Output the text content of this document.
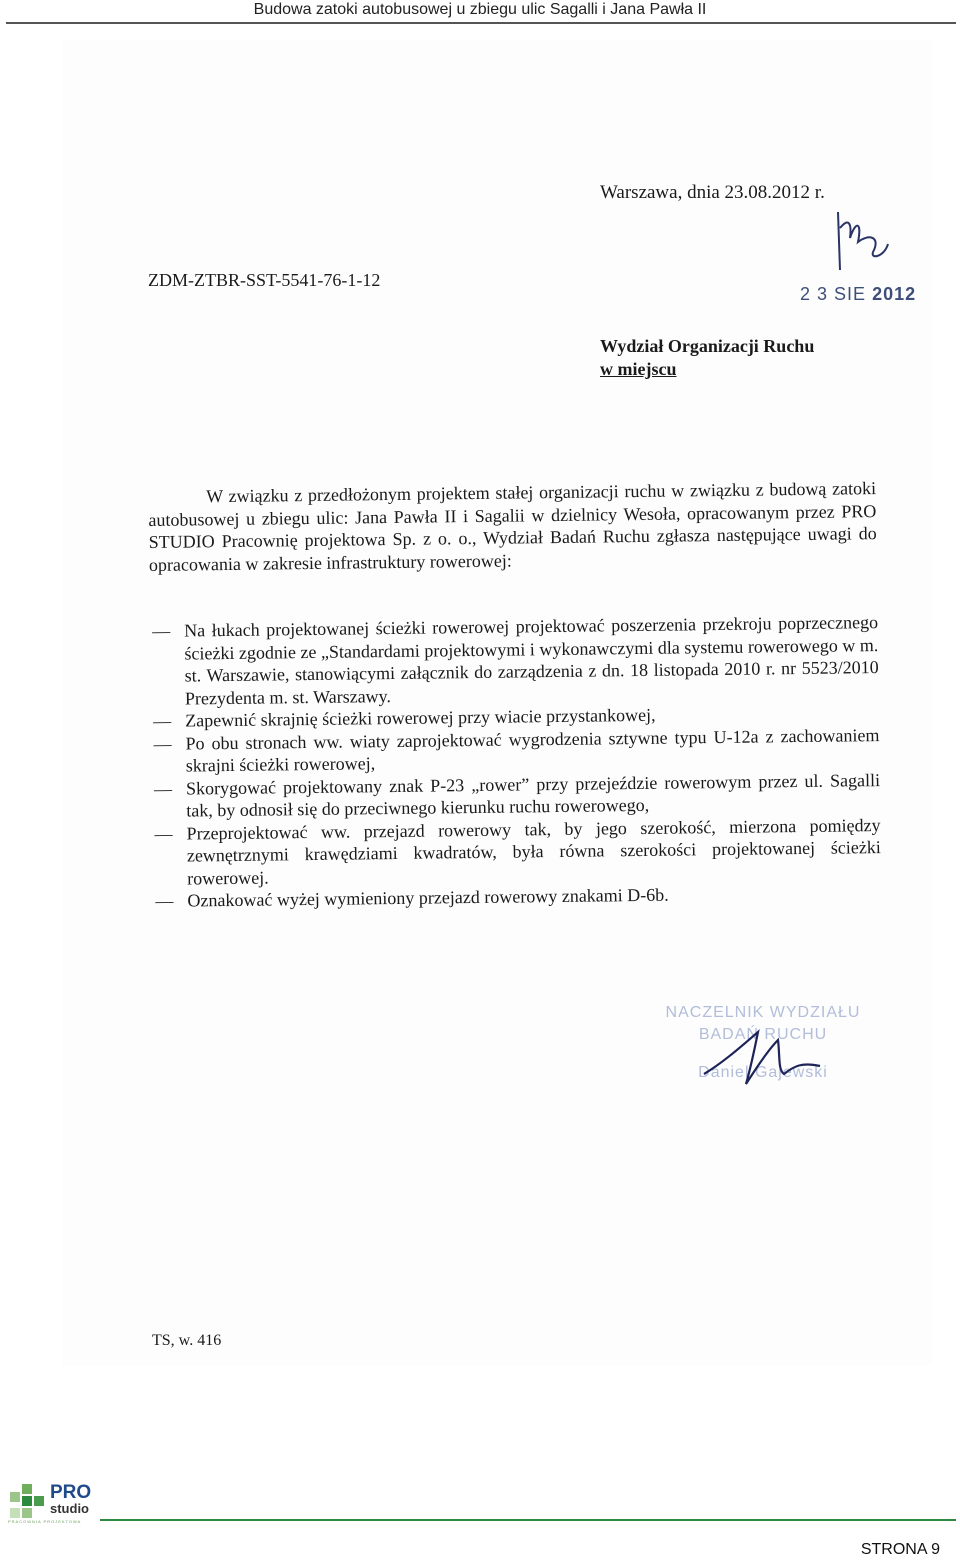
Budowa zatoki autobusowej u zbiegu ulic Sagalli i Jana Pawła II
Warszawa, dnia 23.08.2012 r.
ZDM-ZTBR-SST-5541-76-1-12
2 3 SIE 2012
Wydział Organizacji Ruchu
w miejscu
W związku z przedłożonym projektem stałej organizacji ruchu w związku z budową zatoki autobusowej u zbiegu ulic: Jana Pawła II i Sagalii w dzielnicy Wesoła, opracowanym przez PRO STUDIO Pracownię projektowa Sp. z o. o., Wydział Badań Ruchu zgłasza następujące uwagi do opracowania w zakresie infrastruktury rowerowej:
— Na łukach projektowanej ścieżki rowerowej projektować poszerzenia przekroju poprzecznego ścieżki zgodnie ze „Standardami projektowymi i wykonawczymi dla systemu rowerowego w m. st. Warszawie, stanowiącymi załącznik do zarządzenia z dn. 18 listopada 2010 r. nr 5523/2010 Prezydenta m. st. Warszawy.
— Zapewnić skrajnię ścieżki rowerowej przy wiacie przystankowej,
— Po obu stronach ww. wiaty zaprojektować wygrodzenia sztywne typu U-12a z zachowaniem skrajni ścieżki rowerowej,
— Skorygować projektowany znak P-23 „rower” przy przejeździe rowerowym przez ul. Sagalli tak, by odnosił się do przeciwnego kierunku ruchu rowerowego,
— Przeprojektować ww. przejazd rowerowy tak, by jego szerokość, mierzona pomiędzy zewnętrznymi krawędziami kwadratów, była równa szerokości projektowanej ścieżki rowerowej.
— Oznakować wyżej wymieniony przejazd rowerowy znakami D-6b.
NACZELNIK WYDZIAŁU
BADAŃ RUCHU
Daniel Gajewski
TS, w. 416
PRO
studio
PRACOWNIA PROJEKTOWA
STRONA 9
